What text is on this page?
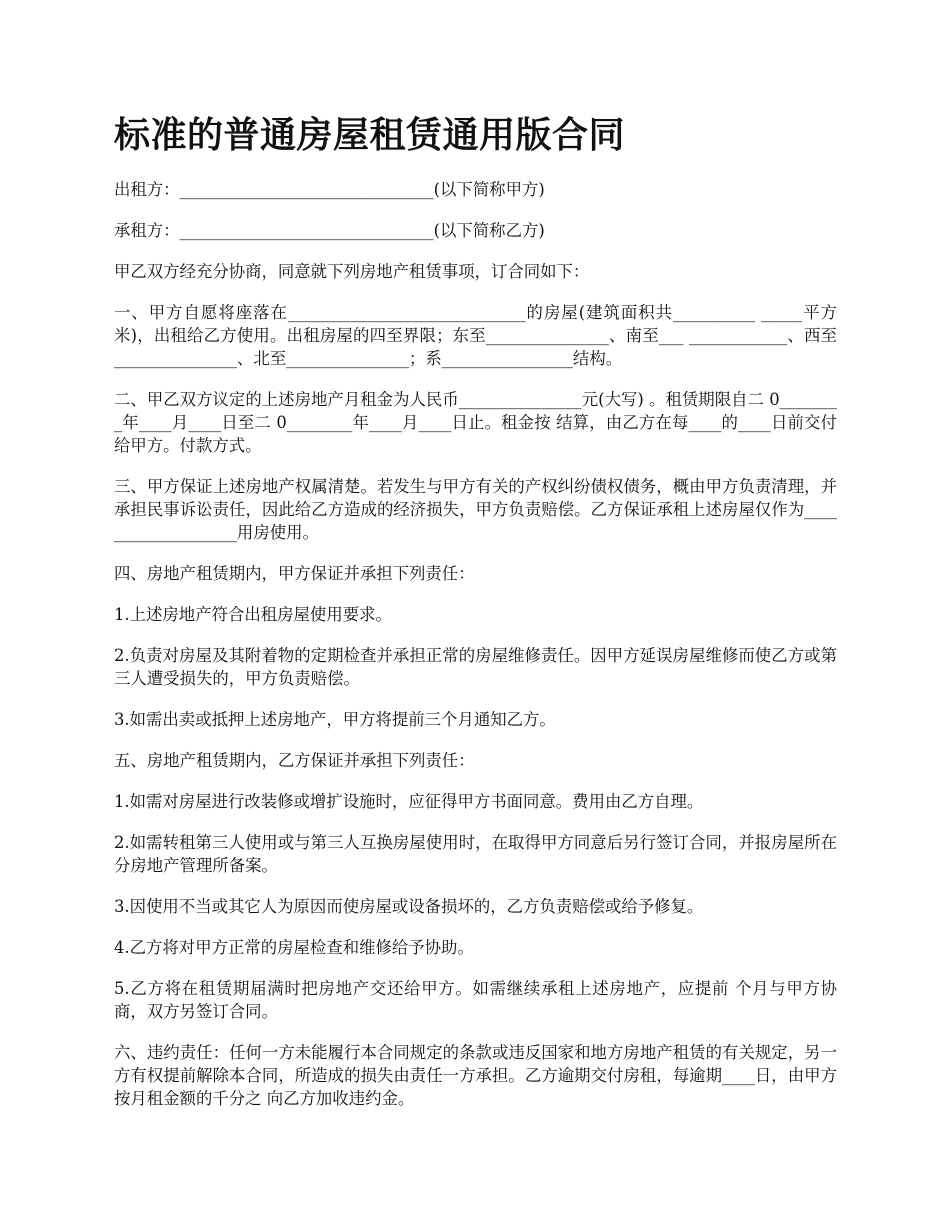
标准的普通房屋租赁通用版合同

出租方：_______________________________(以下简称甲方)

承租方：_______________________________(以下简称乙方)

甲乙双方经充分协商，同意就下列房地产租赁事项，订合同如下：

一、甲方自愿将座落在_____________________________的房屋(建筑面积共__________ _____平方米)，出租给乙方使用。出租房屋的四至界限；东至_______________、南至___ ____________、西至_______________、北至_______________；系________________结构。

二、甲乙双方议定的上述房地产月租金为人民币_______________元(大写) 。租赁期限自二 0________年____月____日至二 0________年____月____日止。租金按 结算，由乙方在每____的____日前交付给甲方。付款方式。

三、甲方保证上述房地产权属清楚。若发生与甲方有关的产权纠纷债权债务，概由甲方负责清理，并承担民事诉讼责任，因此给乙方造成的经济损失，甲方负责赔偿。乙方保证承租上述房屋仅作为___________________用房使用。

四、房地产租赁期内，甲方保证并承担下列责任：

1.上述房地产符合出租房屋使用要求。

2.负责对房屋及其附着物的定期检查并承担正常的房屋维修责任。因甲方延误房屋维修而使乙方或第三人遭受损失的，甲方负责赔偿。

3.如需出卖或抵押上述房地产，甲方将提前三个月通知乙方。

五、房地产租赁期内，乙方保证并承担下列责任：

1.如需对房屋进行改装修或增扩设施时，应征得甲方书面同意。费用由乙方自理。

2.如需转租第三人使用或与第三人互换房屋使用时，在取得甲方同意后另行签订合同，并报房屋所在分房地产管理所备案。

3.因使用不当或其它人为原因而使房屋或设备损坏的，乙方负责赔偿或给予修复。

4.乙方将对甲方正常的房屋检查和维修给予协助。

5.乙方将在租赁期届满时把房地产交还给甲方。如需继续承租上述房地产，应提前 个月与甲方协商，双方另签订合同。

六、违约责任：任何一方未能履行本合同规定的条款或违反国家和地方房地产租赁的有关规定，另一方有权提前解除本合同，所造成的损失由责任一方承担。乙方逾期交付房租，每逾期____日，由甲方按月租金额的千分之 向乙方加收违约金。
